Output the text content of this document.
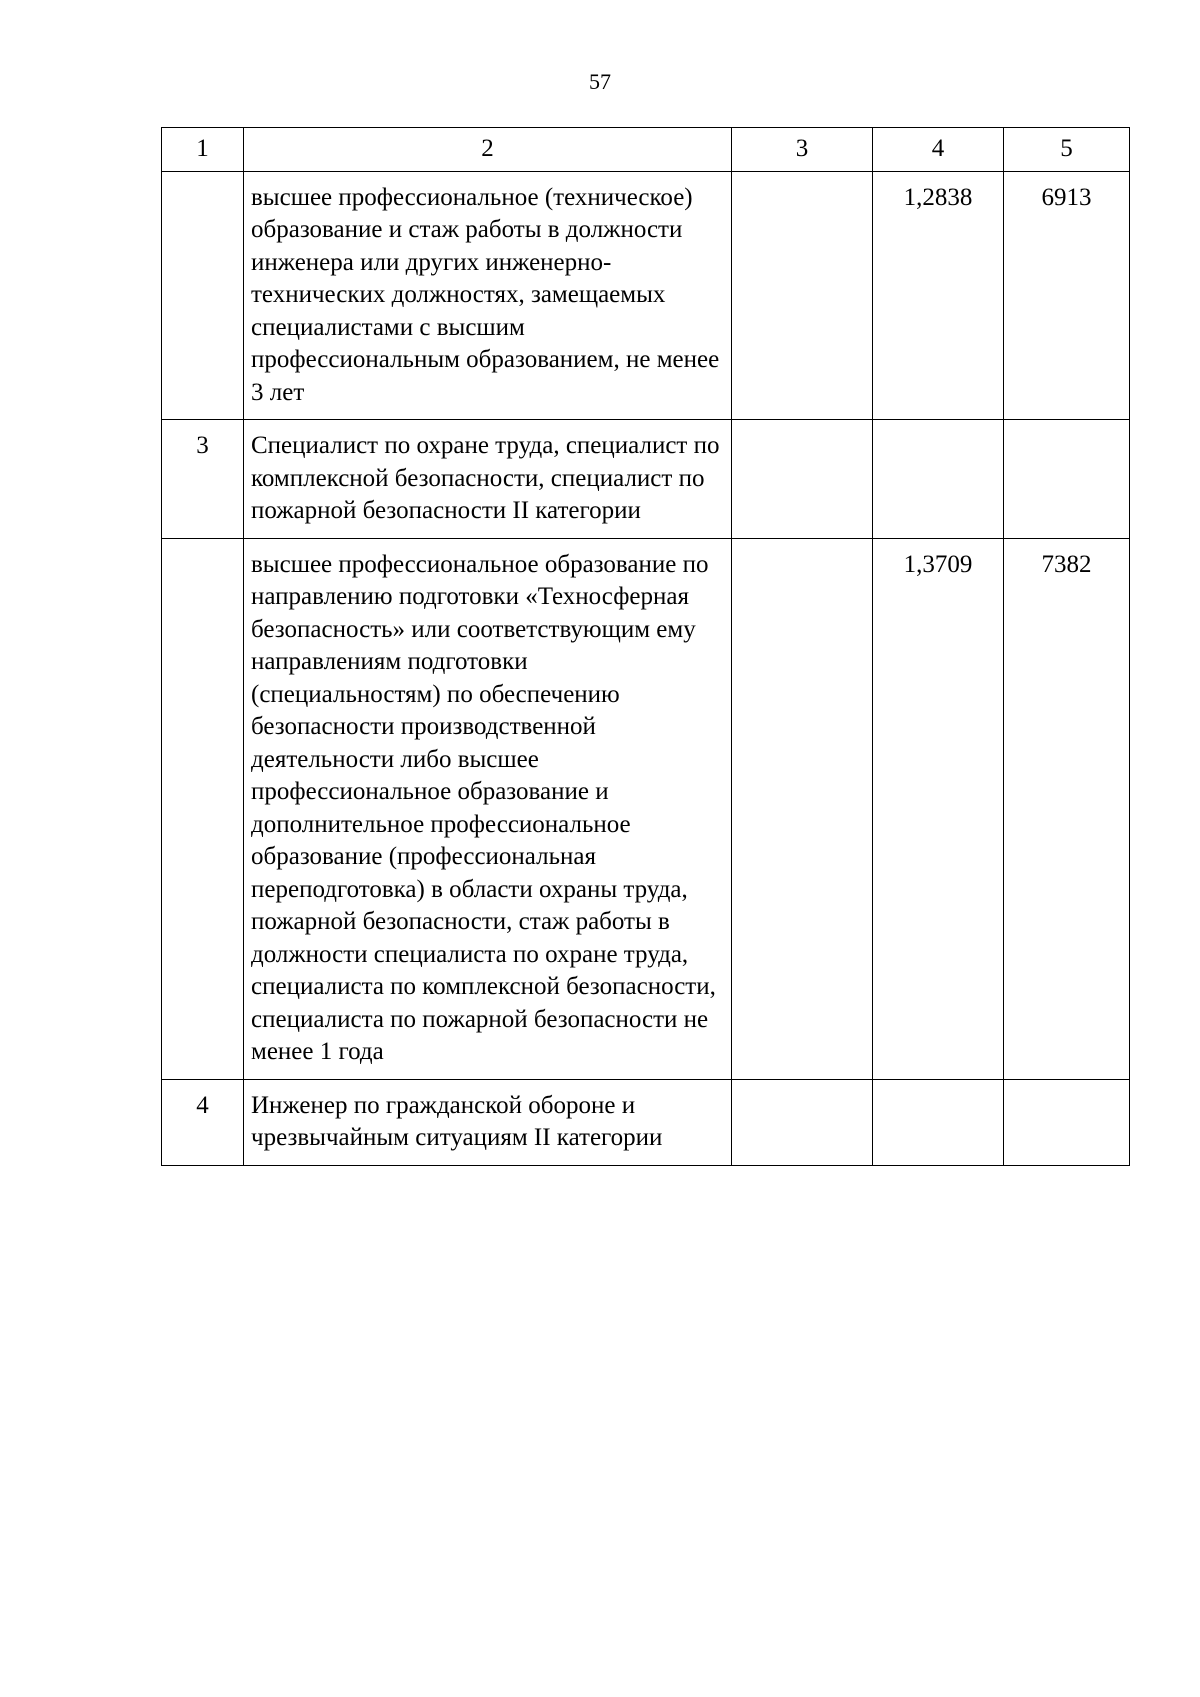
57
1	2	3	4	5
	высшее профессиональное (техническое) образование и стаж работы в должности инженера или других инженерно-технических должностях, замещаемых специалистами с высшим профессиональным образованием, не менее 3 лет		1,2838	6913
3	Специалист по охране труда, специалист по комплексной безопасности, специалист по пожарной безопасности II категории			
	высшее профессиональное образование по направлению подготовки «Техносферная безопасность» или соответствующим ему направлениям подготовки (специальностям) по обеспечению безопасности производственной деятельности либо высшее профессиональное образование и дополнительное профессиональное образование (профессиональная переподготовка) в области охраны труда, пожарной безопасности, стаж работы в должности специалиста по охране труда, специалиста по комплексной безопасности, специалиста по пожарной безопасности не менее 1 года		1,3709	7382
4	Инженер по гражданской обороне и чрезвычайным ситуациям II категории			
